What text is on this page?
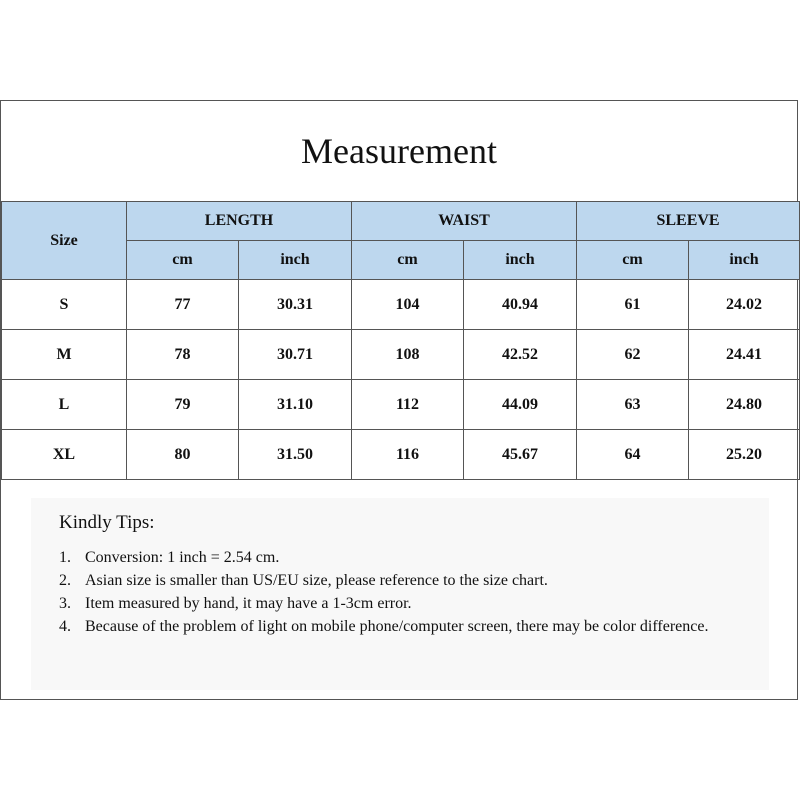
Measurement
Size	LENGTH		WAIST		SLEEVE	
	cm	inch	cm	inch	cm	inch
S	77	30.31	104	40.94	61	24.02
M	78	30.71	108	42.52	62	24.41
L	79	31.10	112	44.09	63	24.80
XL	80	31.50	116	45.67	64	25.20
Kindly Tips:
1. Conversion: 1 inch = 2.54 cm.
2. Asian size is smaller than US/EU size, please reference to the size chart.
3. Item measured by hand, it may have a 1-3cm error.
4. Because of the problem of light on mobile phone/computer screen, there may be color difference.
